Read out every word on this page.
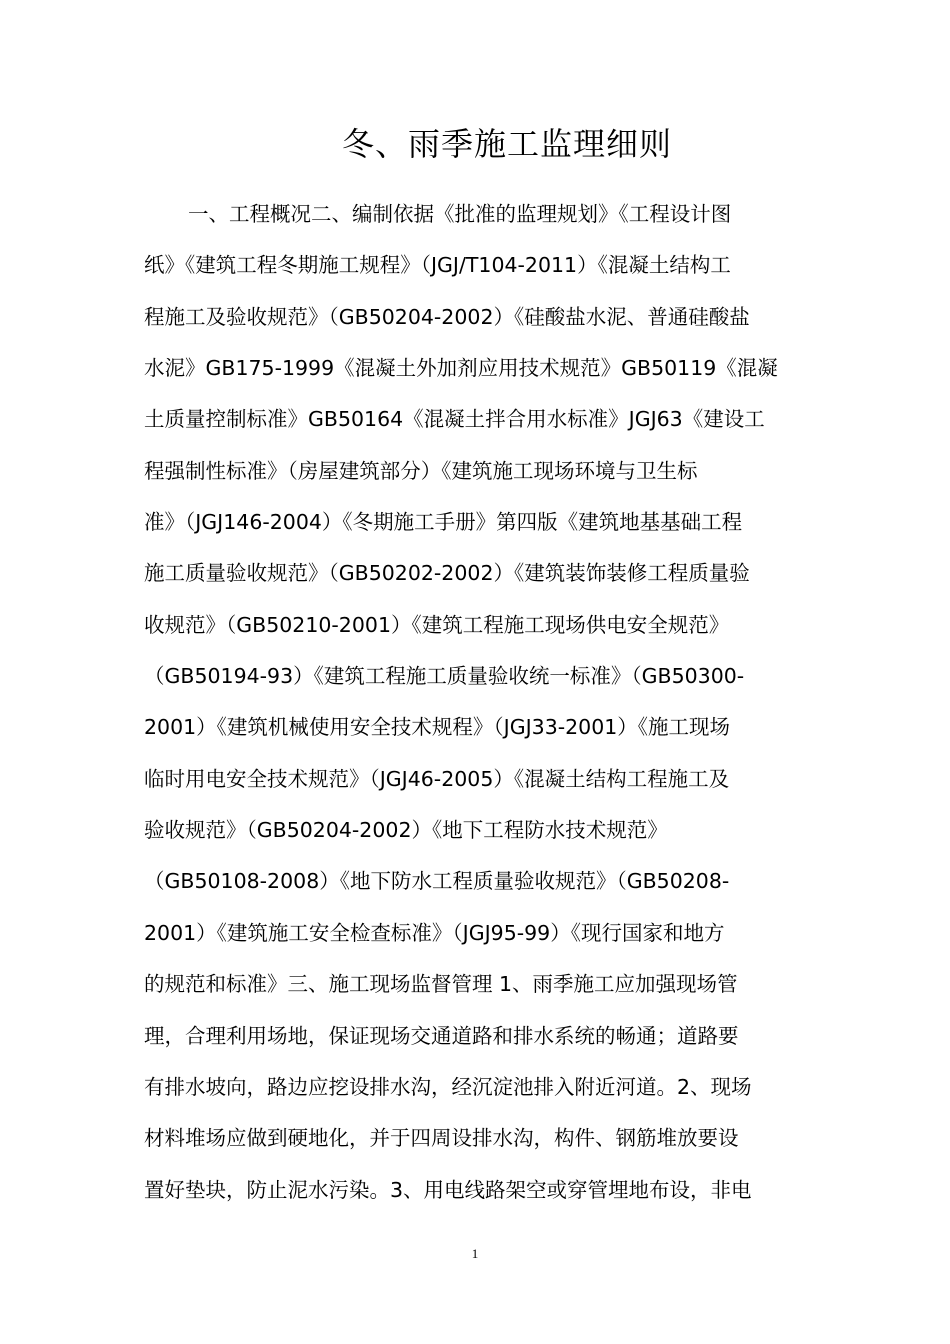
冬、雨季施工监理细则
一、工程概况二、编制依据《批准的监理规划》《工程设计图
纸》《建筑工程冬期施工规程》（JGJ/T104-2011）《混凝土结构工
程施工及验收规范》（GB50204-2002）《硅酸盐水泥、普通硅酸盐
水泥》GB175-1999《混凝土外加剂应用技术规范》GB50119《混凝
土质量控制标准》GB50164《混凝土拌合用水标准》JGJ63《建设工
程强制性标准》（房屋建筑部分）《建筑施工现场环境与卫生标
准》（JGJ146-2004）《冬期施工手册》第四版《建筑地基基础工程
施工质量验收规范》（GB50202-2002）《建筑装饰装修工程质量验
收规范》（GB50210-2001）《建筑工程施工现场供电安全规范》
（GB50194-93）《建筑工程施工质量验收统一标准》（GB50300-
2001）《建筑机械使用安全技术规程》（JGJ33-2001）《施工现场
临时用电安全技术规范》（JGJ46-2005）《混凝土结构工程施工及
验收规范》（GB50204-2002）《地下工程防水技术规范》
（GB50108-2008）《地下防水工程质量验收规范》（GB50208-
2001）《建筑施工安全检查标准》（JGJ95-99）《现行国家和地方
的规范和标准》三、施工现场监督管理 1、雨季施工应加强现场管
理，合理利用场地，保证现场交通道路和排水系统的畅通；道路要
有排水坡向，路边应挖设排水沟，经沉淀池排入附近河道。2、现场
材料堆场应做到硬地化，并于四周设排水沟，构件、钢筋堆放要设
置好垫块，防止泥水污染。3、用电线路架空或穿管埋地布设，非电
1
